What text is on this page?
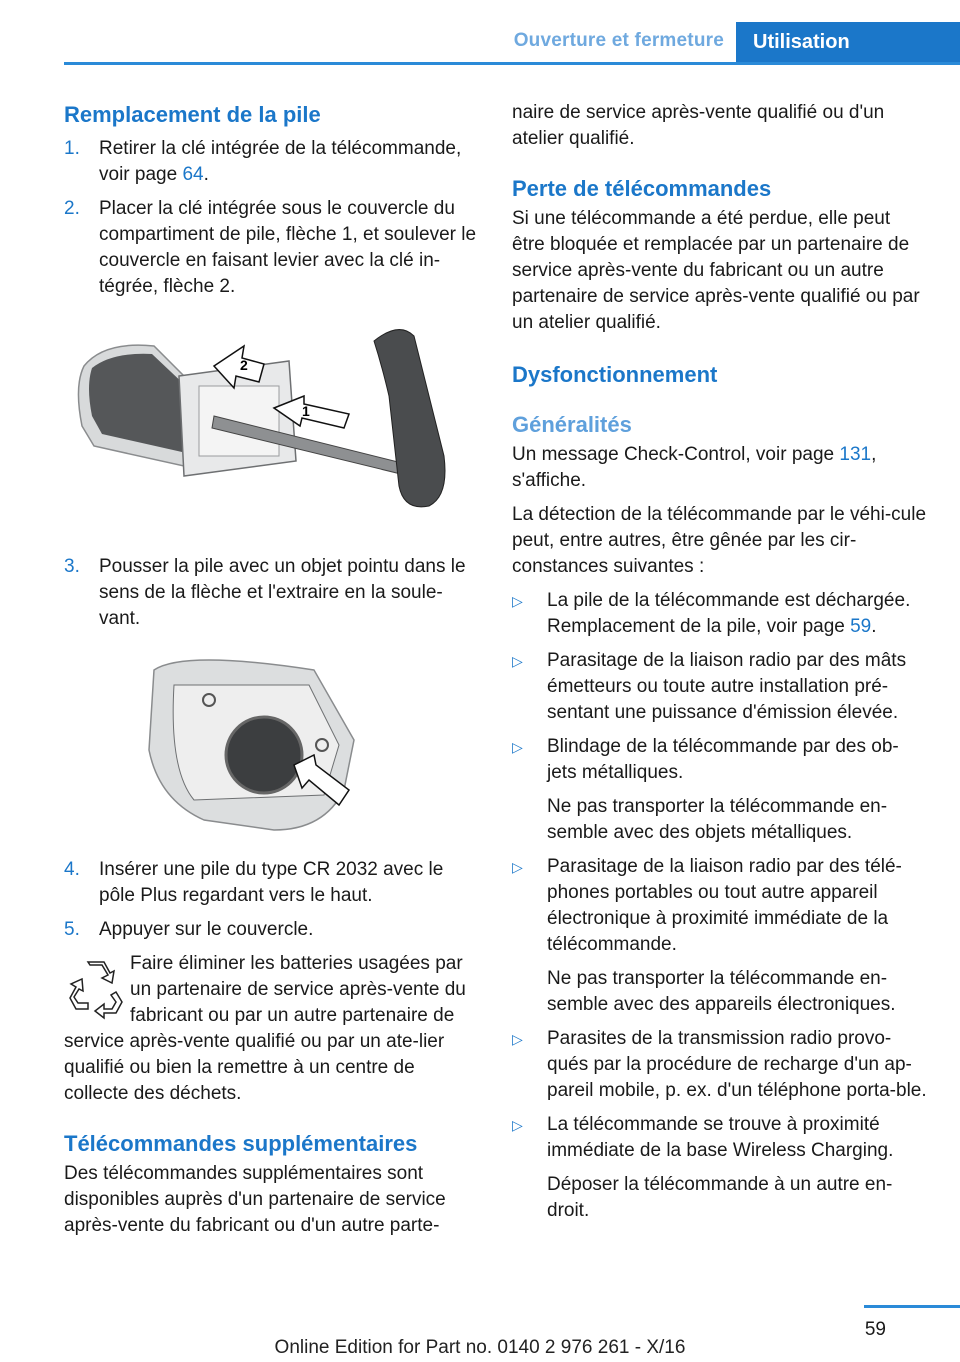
Ouverture et fermeture	Utilisation
Remplacement de la pile
1. Retirer la clé intégrée de la télécommande, voir page 64.
2. Placer la clé intégrée sous le couvercle du compartiment de pile, flèche 1, et soulever le couvercle en faisant levier avec la clé in‐tégrée, flèche 2.
2
1
3. Pousser la pile avec un objet pointu dans le sens de la flèche et l'extraire en la soule‐vant.
4. Insérer une pile du type CR 2032 avec le pôle Plus regardant vers le haut.
5. Appuyer sur le couvercle.
Faire éliminer les batteries usagées par un partenaire de service après-vente du fabricant ou par un autre partenaire de service après-vente qualifié ou par un ate‐lier qualifié ou bien la remettre à un centre de collecte des déchets.
Télécommandes supplémentaires
Des télécommandes supplémentaires sont disponibles auprès d'un partenaire de service après-vente du fabricant ou d'un autre parte‐
naire de service après-vente qualifié ou d'un atelier qualifié.
Perte de télécommandes
Si une télécommande a été perdue, elle peut être bloquée et remplacée par un partenaire de service après-vente du fabricant ou un autre partenaire de service après-vente qualifié ou par un atelier qualifié.
Dysfonctionnement
Généralités
Un message Check-Control, voir page 131, s'affiche.
La détection de la télécommande par le véhi‐cule peut, entre autres, être gênée par les cir‐constances suivantes :
▷ La pile de la télécommande est déchargée. Remplacement de la pile, voir page 59.
▷ Parasitage de la liaison radio par des mâts émetteurs ou toute autre installation pré‐sentant une puissance d'émission élevée.
▷ Blindage de la télécommande par des ob‐jets métalliques.
Ne pas transporter la télécommande en‐semble avec des objets métalliques.
▷ Parasitage de la liaison radio par des télé‐phones portables ou tout autre appareil électronique à proximité immédiate de la télécommande.
Ne pas transporter la télécommande en‐semble avec des appareils électroniques.
▷ Parasites de la transmission radio provo‐qués par la procédure de recharge d'un ap‐pareil mobile, p. ex. d'un téléphone porta‐ble.
▷ La télécommande se trouve à proximité immédiate de la base Wireless Charging.
Déposer la télécommande à un autre en‐droit.
59
Online Edition for Part no. 0140 2 976 261 - X/16
